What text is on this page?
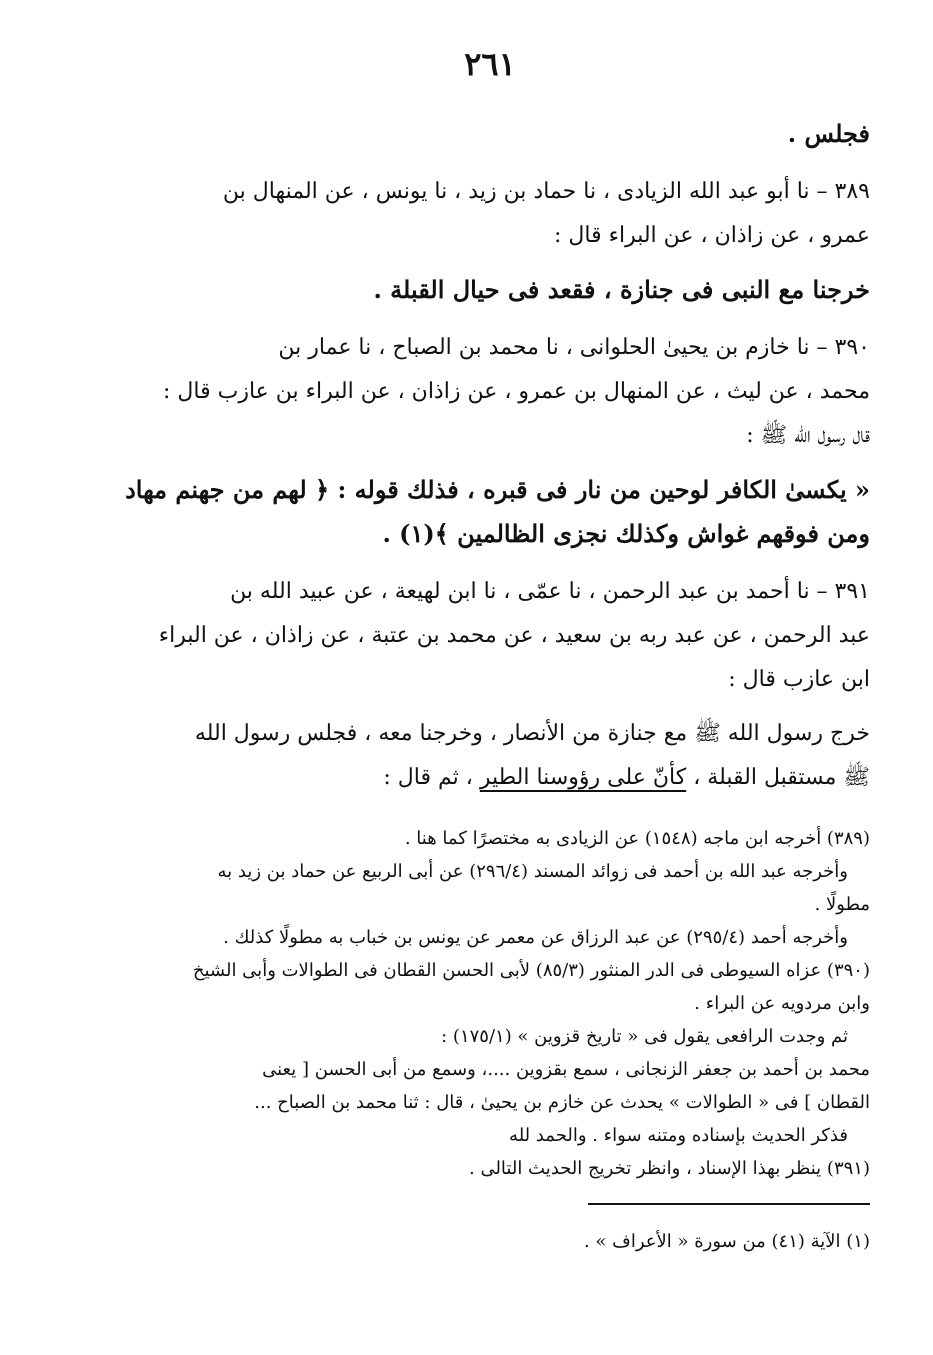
٢٦١
فجلس .
٣٨٩ – نا أبو عبد الله الزيادى ، نا حماد بن زيد ، نا يونس ، عن المنهال بن
عمرو ، عن زاذان ، عن البراء قال :
خرجنا مع النبى فى جنازة ، فقعد فى حيال القبلة .
٣٩٠ – نا خازم بن يحيىٰ الحلوانى ، نا محمد بن الصباح ، نا عمار بن
محمد ، عن ليث ، عن المنهال بن عمرو ، عن زاذان ، عن البراء بن عازب قال :
قال رسول الله ﷺ :
« يكسىٰ الكافر لوحين من نار فى قبره ، فذلك قوله : ﴿ لهم من جهنم مهاد
ومن فوقهم غواش وكذلك نجزى الظالمين ﴾(١) .
٣٩١ – نا أحمد بن عبد الرحمن ، نا عمّى ، نا ابن لهيعة ، عن عبيد الله بن
عبد الرحمن ، عن عبد ربه بن سعيد ، عن محمد بن عتبة ، عن زاذان ، عن البراء
ابن عازب قال :
خرج رسول الله ﷺ مع جنازة من الأنصار ، وخرجنا معه ، فجلس رسول الله
ﷺ مستقبل القبلة ، كأنّ على رؤوسنا الطير ، ثم قال :
(٣٨٩) أخرجه ابن ماجه (١٥٤٨) عن الزيادى به مختصرًا كما هنا .
وأخرجه عبد الله بن أحمد فى زوائد المسند (٢٩٦/٤) عن أبى الربيع عن حماد بن زيد به
مطولًا .
وأخرجه أحمد (٢٩٥/٤) عن عبد الرزاق عن معمر عن يونس بن خباب به مطولًا كذلك .
(٣٩٠) عزاه السيوطى فى الدر المنثور (٨٥/٣) لأبى الحسن القطان فى الطوالات وأبى الشيخ
وابن مردويه عن البراء .
ثم وجدت الرافعى يقول فى « تاريخ قزوين » (١٧٥/١) :
محمد بن أحمد بن جعفر الزنجانى ، سمع بقزوين ....، وسمع من أبى الحسن [ يعنى
القطان ] فى « الطوالات » يحدث عن خازم بن يحيىٰ ، قال : ثنا محمد بن الصباح ...
فذكر الحديث بإسناده ومتنه سواء . والحمد لله
(٣٩١) ينظر بهذا الإسناد ، وانظر تخريج الحديث التالى .
(١) الآية (٤١) من سورة « الأعراف » .
